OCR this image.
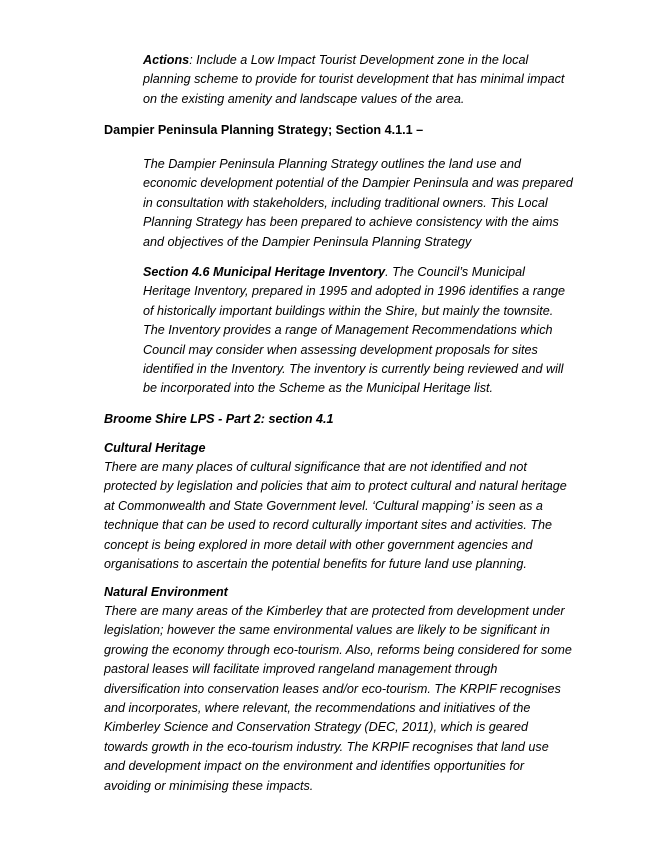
Actions: Include a Low Impact Tourist Development zone in the local planning scheme to provide for tourist development that has minimal impact on the existing amenity and landscape values of the area.

Dampier Peninsula Planning Strategy; Section 4.1.1 –

The Dampier Peninsula Planning Strategy outlines the land use and economic development potential of the Dampier Peninsula and was prepared in consultation with stakeholders, including traditional owners. This Local Planning Strategy has been prepared to achieve consistency with the aims and objectives of the Dampier Peninsula Planning Strategy

Section 4.6 Municipal Heritage Inventory. The Council’s Municipal Heritage Inventory, prepared in 1995 and adopted in 1996 identifies a range of historically important buildings within the Shire, but mainly the townsite. The Inventory provides a range of Management Recommendations which Council may consider when assessing development proposals for sites identified in the Inventory. The inventory is currently being reviewed and will be incorporated into the Scheme as the Municipal Heritage list.

Broome Shire LPS - Part 2: section 4.1

Cultural Heritage

There are many places of cultural significance that are not identified and not protected by legislation and policies that aim to protect cultural and natural heritage at Commonwealth and State Government level. ‘Cultural mapping’ is seen as a technique that can be used to record culturally important sites and activities. The concept is being explored in more detail with other government agencies and organisations to ascertain the potential benefits for future land use planning.

Natural Environment

There are many areas of the Kimberley that are protected from development under legislation; however the same environmental values are likely to be significant in growing the economy through eco-tourism. Also, reforms being considered for some pastoral leases will facilitate improved rangeland management through diversification into conservation leases and/or eco-tourism. The KRPIF recognises and incorporates, where relevant, the recommendations and initiatives of the Kimberley Science and Conservation Strategy (DEC, 2011), which is geared towards growth in the eco-tourism industry. The KRPIF recognises that land use and development impact on the environment and identifies opportunities for avoiding or minimising these impacts.
